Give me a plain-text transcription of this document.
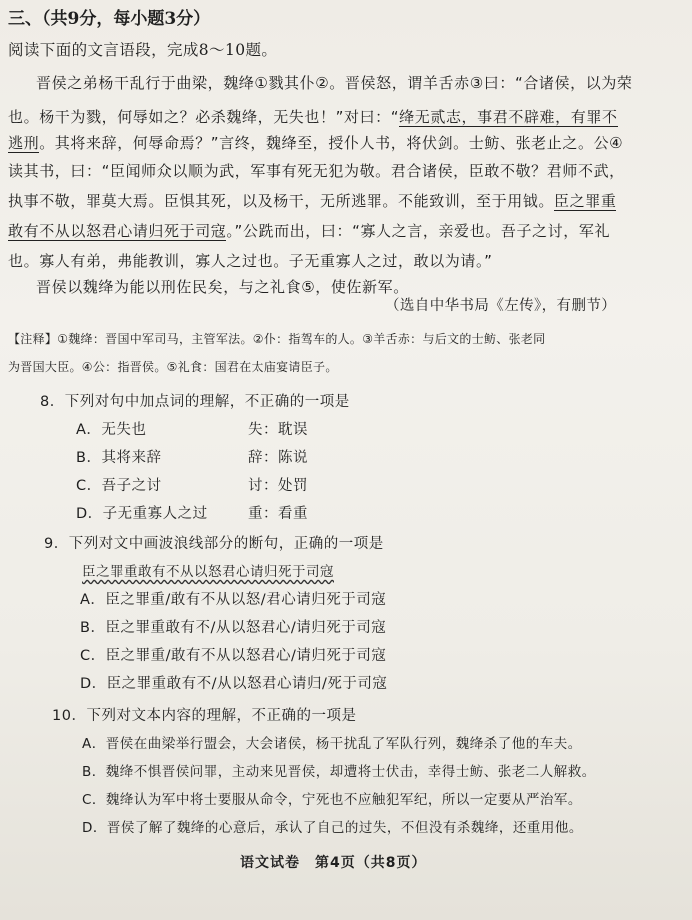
三、（共9分，每小题3分）
阅读下面的文言语段，完成8～10题。
晋侯之弟杨干乱行于曲梁，魏绛①戮其仆②。晋侯怒，谓羊舌赤③曰：“合诸侯，以为荣
也。杨干为戮，何辱如之？必杀魏绛，无失也！”对曰：“绛无贰志，事君不辟难，有罪不
逃刑。其将来辞，何辱命焉？”言终，魏绛至，授仆人书，将伏剑。士鲂、张老止之。公④
读其书，曰：“臣闻师众以顺为武，军事有死无犯为敬。君合诸侯，臣敢不敬？君师不武，
执事不敬，罪莫大焉。臣惧其死，以及杨干，无所逃罪。不能致训，至于用钺。臣之罪重
敢有不从以怒君心请归死于司寇。”公跣而出，曰：“寡人之言，亲爱也。吾子之讨，军礼
也。寡人有弟，弗能教训，寡人之过也。子无重寡人之过，敢以为请。”
晋侯以魏绛为能以刑佐民矣，与之礼食⑤，使佐新军。
（选自中华书局《左传》，有删节）
【注释】①魏绛：晋国中军司马，主管军法。②仆：指驾车的人。③羊舌赤：与后文的士鲂、张老同
为晋国大臣。④公：指晋侯。⑤礼食：国君在太庙宴请臣子。
8．下列对句中加点词的理解，不正确的一项是
A．无失也	失：耽误
B．其将来辞	辞：陈说
C．吾子之讨	讨：处罚
D．子无重寡人之过	重：看重
9．下列对文中画波浪线部分的断句，正确的一项是
臣之罪重敢有不从以怒君心请归死于司寇
A．臣之罪重/敢有不从以怒/君心请归死于司寇
B．臣之罪重敢有不/从以怒君心/请归死于司寇
C．臣之罪重/敢有不从以怒君心/请归死于司寇
D．臣之罪重敢有不/从以怒君心请归/死于司寇
10．下列对文本内容的理解，不正确的一项是
A．晋侯在曲梁举行盟会，大会诸侯，杨干扰乱了军队行列，魏绛杀了他的车夫。
B．魏绛不惧晋侯问罪，主动来见晋侯，却遭将士伏击，幸得士鲂、张老二人解救。
C．魏绛认为军中将士要服从命令，宁死也不应触犯军纪，所以一定要从严治军。
D．晋侯了解了魏绛的心意后，承认了自己的过失，不但没有杀魏绛，还重用他。
语文试卷　第4页（共8页）
